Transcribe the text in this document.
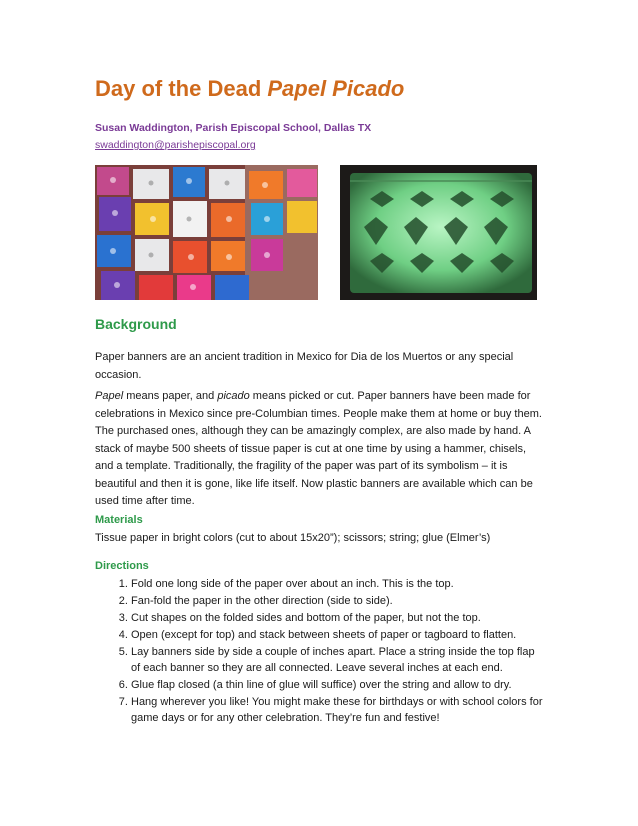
Day of the Dead Papel Picado

Susan Waddington, Parish Episcopal School, Dallas TX

swaddington@parishepiscopal.org
Background

Paper banners are an ancient tradition in Mexico for Dia de los Muertos or any special occasion.

Papel means paper, and picado means picked or cut. Paper banners have been made for celebrations in Mexico since pre-Columbian times. People make them at home or buy them. The purchased ones, although they can be amazingly complex, are also made by hand. A stack of maybe 500 sheets of tissue paper is cut at one time by using a hammer, chisels, and a template. Traditionally, the fragility of the paper was part of its symbolism – it is beautiful and then it is gone, like life itself. Now plastic banners are available which can be used time after time.

Materials

Tissue paper in bright colors (cut to about 15x20”); scissors; string; glue (Elmer’s)

Directions
1. Fold one long side of the paper over about an inch. This is the top.
2. Fan-fold the paper in the other direction (side to side).
3. Cut shapes on the folded sides and bottom of the paper, but not the top.
4. Open (except for top) and stack between sheets of paper or tagboard to flatten.
5. Lay banners side by side a couple of inches apart. Place a string inside the top flap of each banner so they are all connected. Leave several inches at each end.
6. Glue flap closed (a thin line of glue will suffice) over the string and allow to dry.
7. Hang wherever you like! You might make these for birthdays or with school colors for game days or for any other celebration. They’re fun and festive!
